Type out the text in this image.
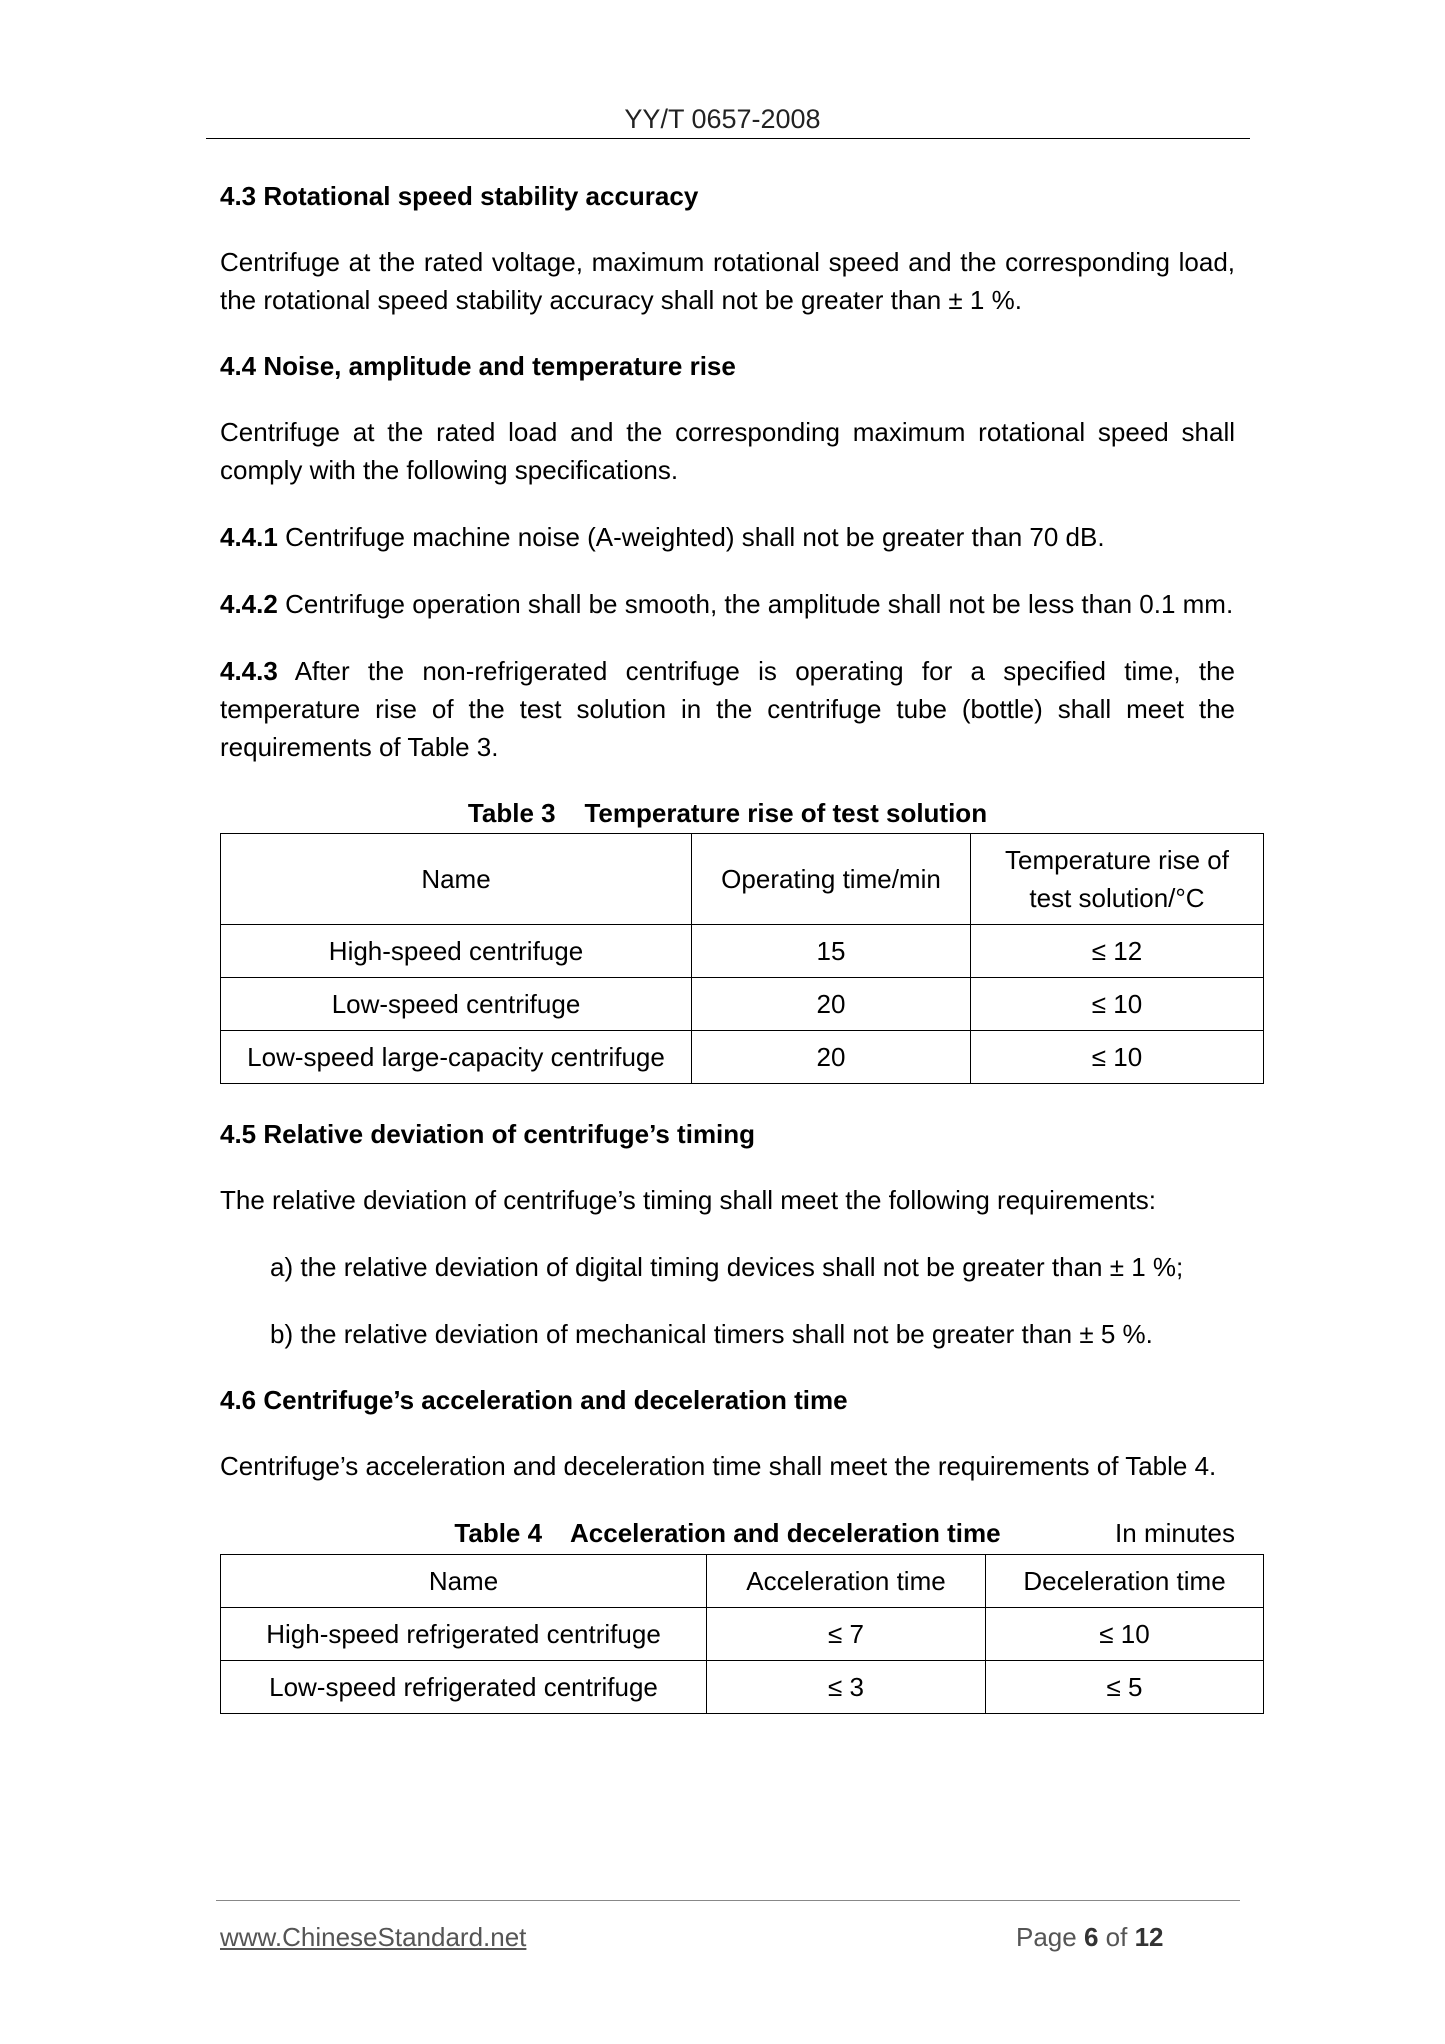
YY/T 0657-2008
4.3 Rotational speed stability accuracy
Centrifuge at the rated voltage, maximum rotational speed and the corresponding load, the rotational speed stability accuracy shall not be greater than ± 1 %.
4.4 Noise, amplitude and temperature rise
Centrifuge at the rated load and the corresponding maximum rotational speed shall comply with the following specifications.
4.4.1 Centrifuge machine noise (A-weighted) shall not be greater than 70 dB.
4.4.2 Centrifuge operation shall be smooth, the amplitude shall not be less than 0.1 mm.
4.4.3 After the non-refrigerated centrifuge is operating for a specified time, the temperature rise of the test solution in the centrifuge tube (bottle) shall meet the requirements of Table 3.
Table 3    Temperature rise of test solution
Name	Operating time/min	Temperature rise of test solution/°C
High-speed centrifuge	15	≤ 12
Low-speed centrifuge	20	≤ 10
Low-speed large-capacity centrifuge	20	≤ 10
4.5 Relative deviation of centrifuge’s timing
The relative deviation of centrifuge’s timing shall meet the following requirements:
a) the relative deviation of digital timing devices shall not be greater than ± 1 %;
b) the relative deviation of mechanical timers shall not be greater than ± 5 %.
4.6 Centrifuge’s acceleration and deceleration time
Centrifuge’s acceleration and deceleration time shall meet the requirements of Table 4.
Table 4    Acceleration and deceleration time	In minutes
Name	Acceleration time	Deceleration time
High-speed refrigerated centrifuge	≤ 7	≤ 10
Low-speed refrigerated centrifuge	≤ 3	≤ 5
www.ChineseStandard.net	Page 6 of 12
